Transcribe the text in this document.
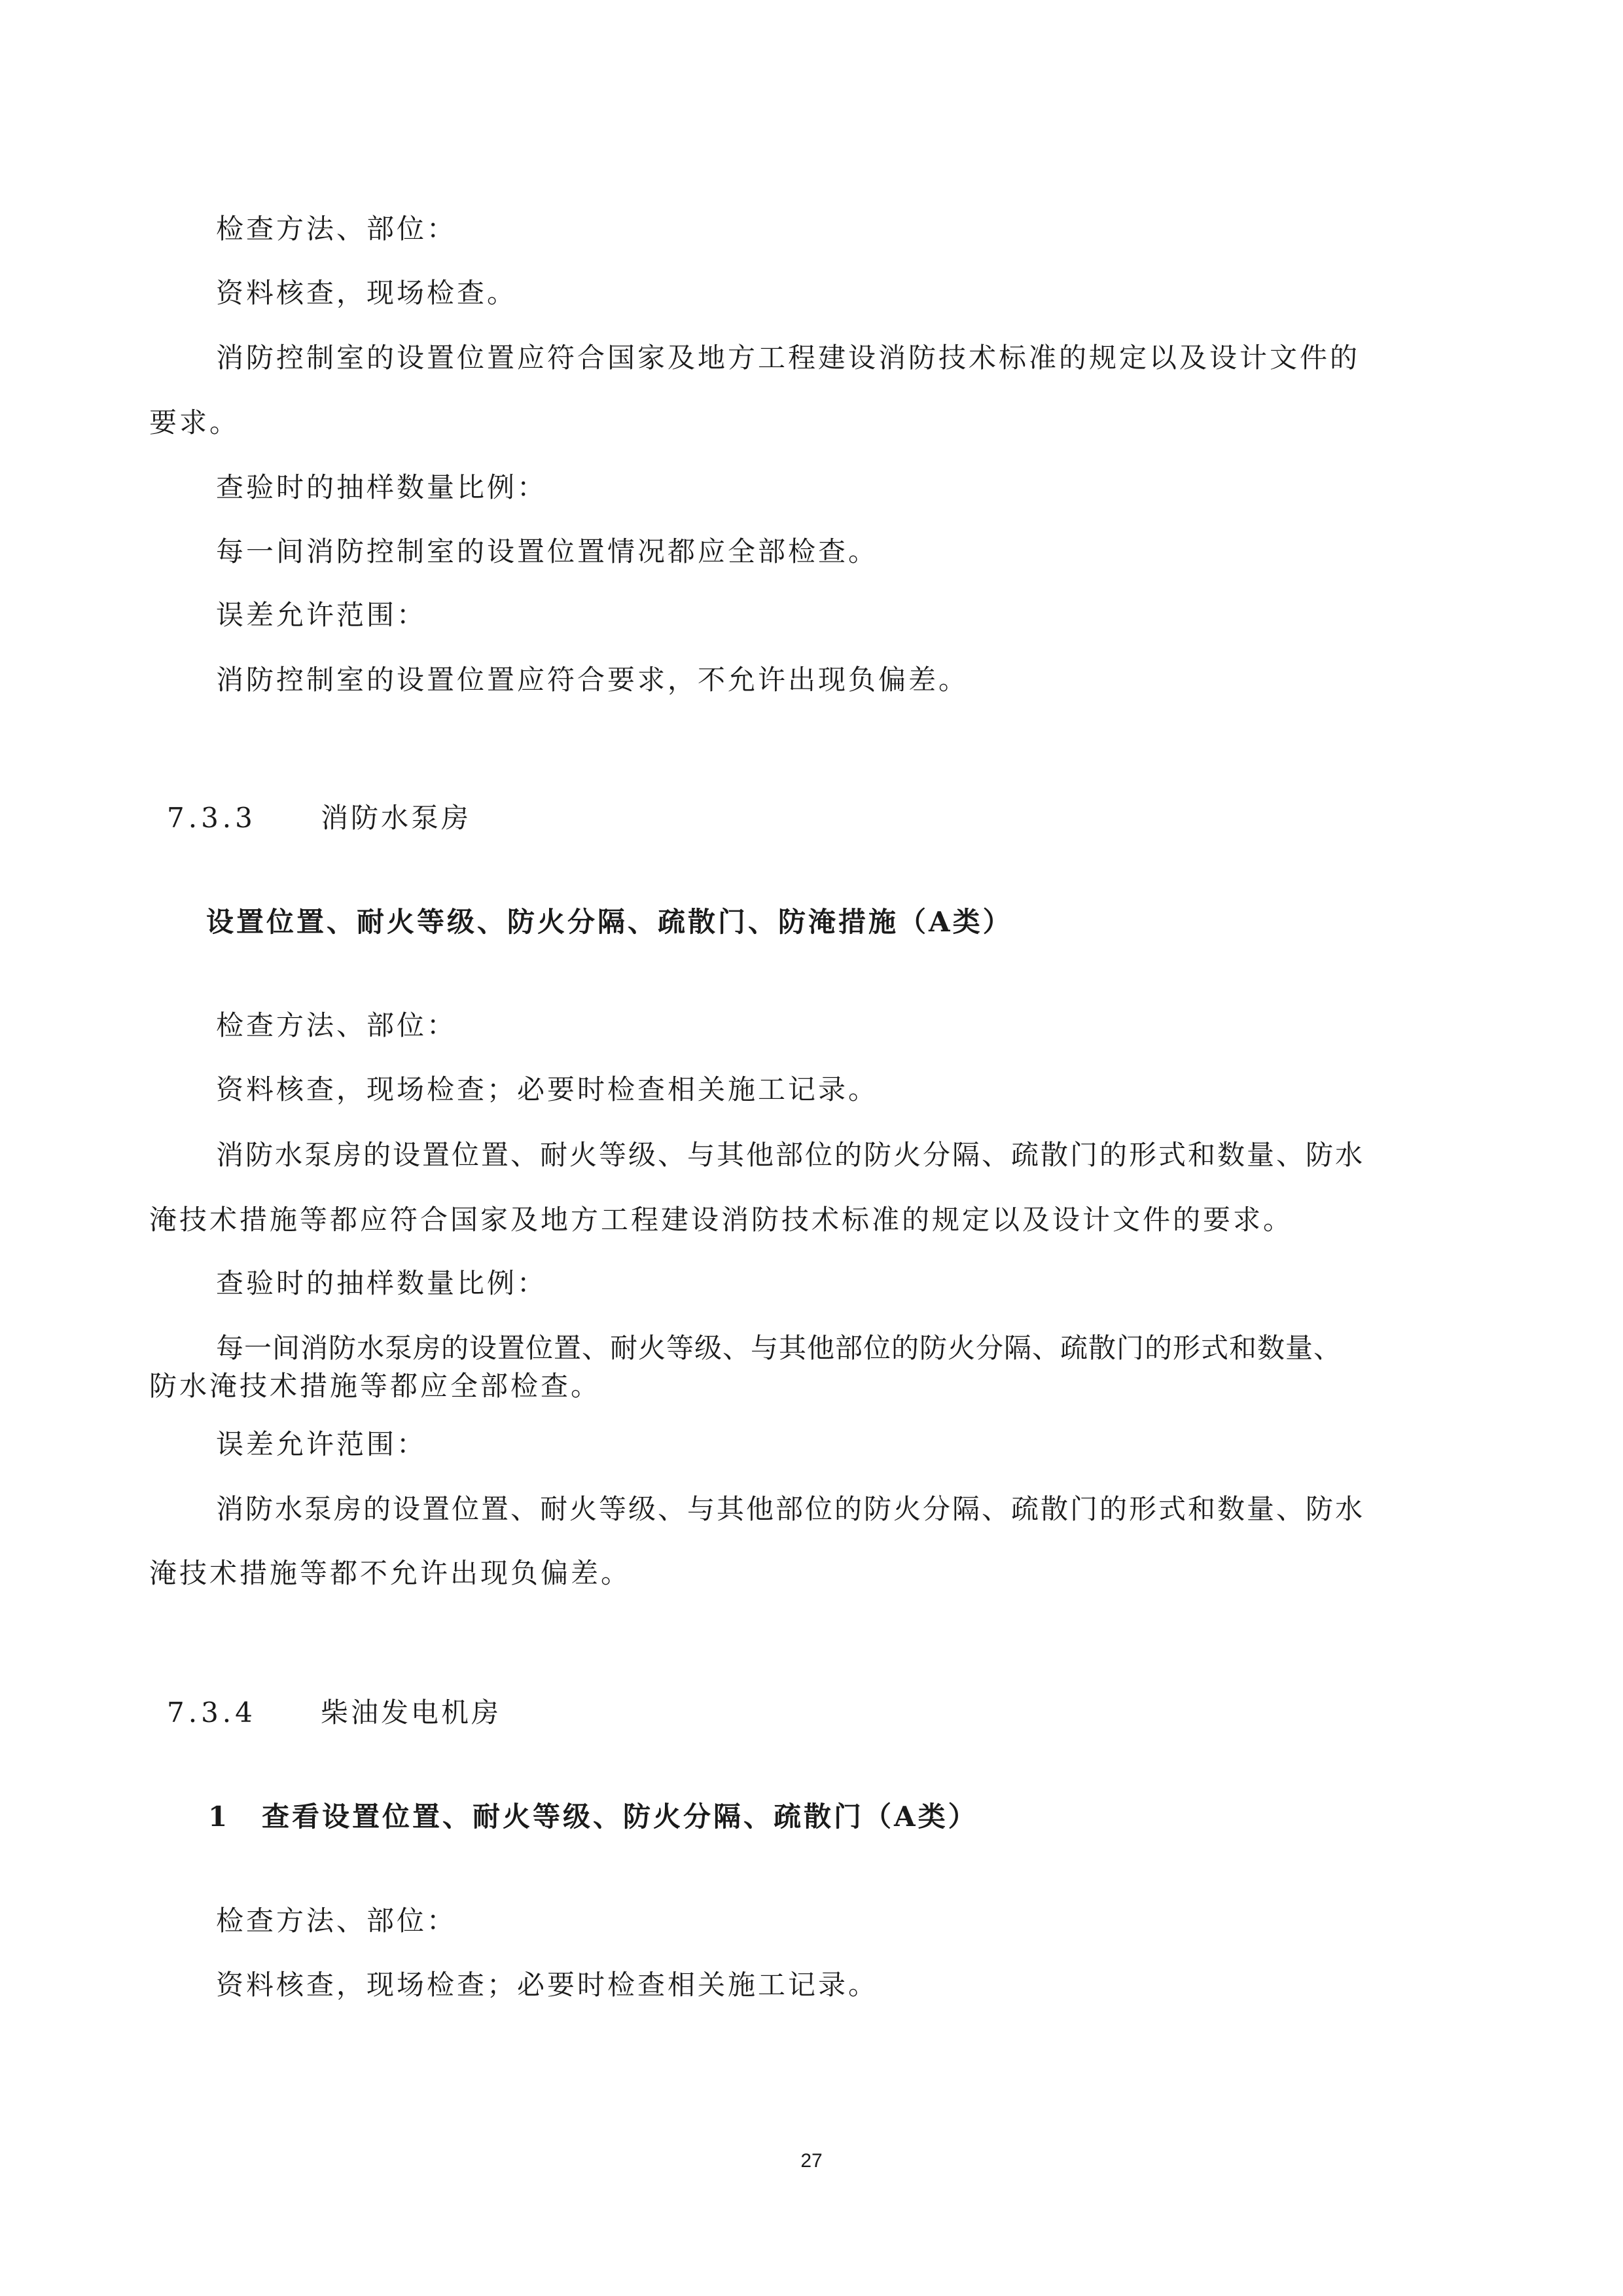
检查方法、部位：
资料核查，现场检查。
消防控制室的设置位置应符合国家及地方工程建设消防技术标准的规定以及设计文件的
要求。
查验时的抽样数量比例：
每一间消防控制室的设置位置情况都应全部检查。
误差允许范围：
消防控制室的设置位置应符合要求，不允许出现负偏差。
7.3.3 消防水泵房
设置位置、耐火等级、防火分隔、疏散门、防淹措施（A类）
检查方法、部位：
资料核查，现场检查；必要时检查相关施工记录。
消防水泵房的设置位置、耐火等级、与其他部位的防火分隔、疏散门的形式和数量、防水
淹技术措施等都应符合国家及地方工程建设消防技术标准的规定以及设计文件的要求。
查验时的抽样数量比例：
每一间消防水泵房的设置位置、耐火等级、与其他部位的防火分隔、疏散门的形式和数量、
防水淹技术措施等都应全部检查。
误差允许范围：
消防水泵房的设置位置、耐火等级、与其他部位的防火分隔、疏散门的形式和数量、防水
淹技术措施等都不允许出现负偏差。
7.3.4 柴油发电机房
1 查看设置位置、耐火等级、防火分隔、疏散门（A类）
检查方法、部位：
资料核查，现场检查；必要时检查相关施工记录。
27
